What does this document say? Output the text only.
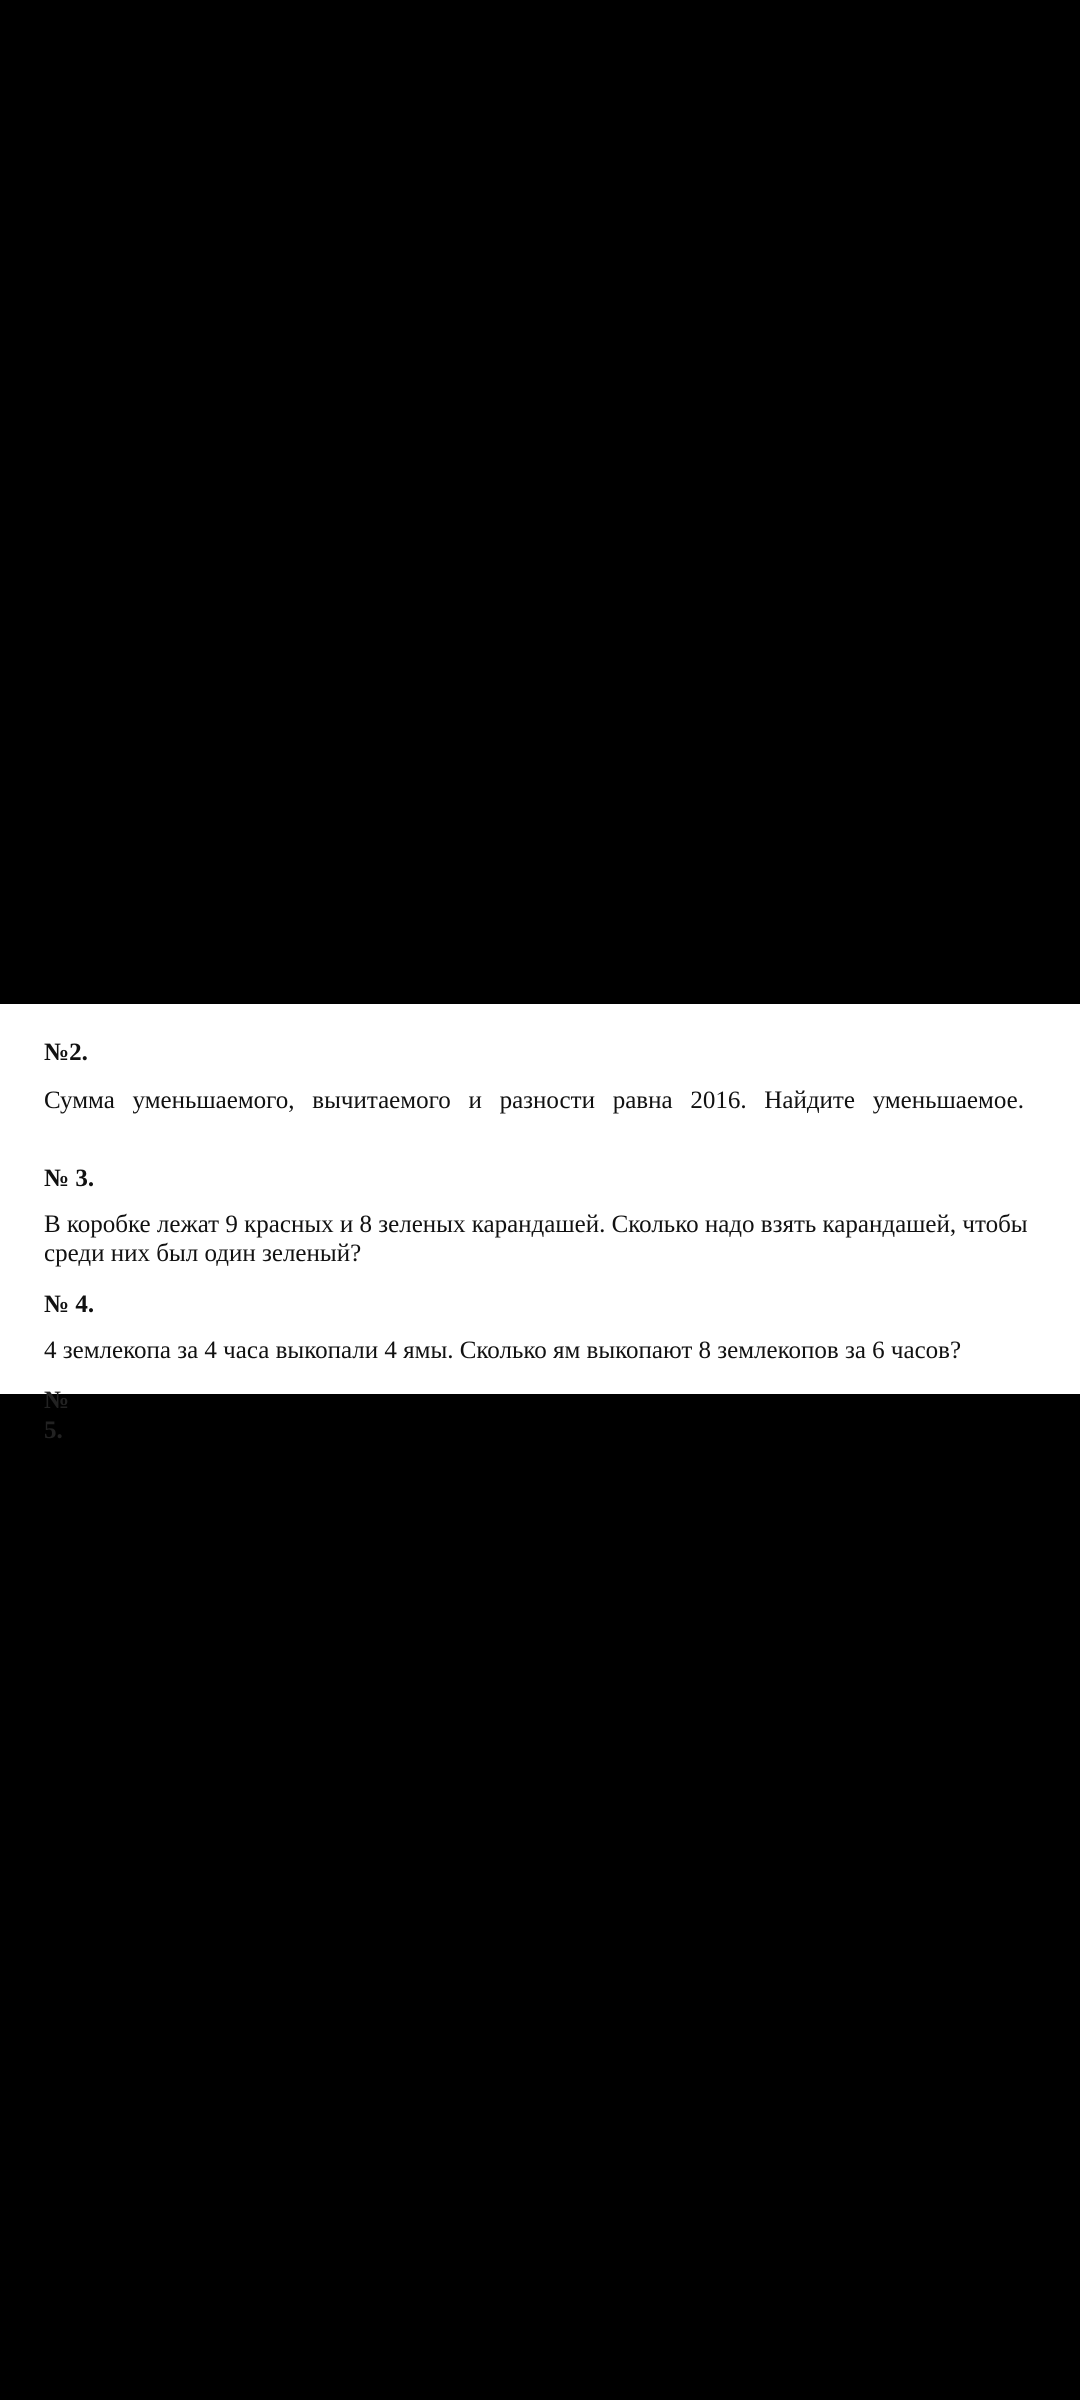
№2.
Сумма уменьшаемого, вычитаемого и разности равна 2016. Найдите уменьшаемое.
№ 3.
В коробке лежат 9 красных и 8 зеленых карандашей. Сколько надо взять карандашей, чтобы среди них был один зеленый?
№ 4.
4 землекопа за 4 часа выкопали 4 ямы. Сколько ям выкопают 8 землекопов за 6 часов?
№ 5.
